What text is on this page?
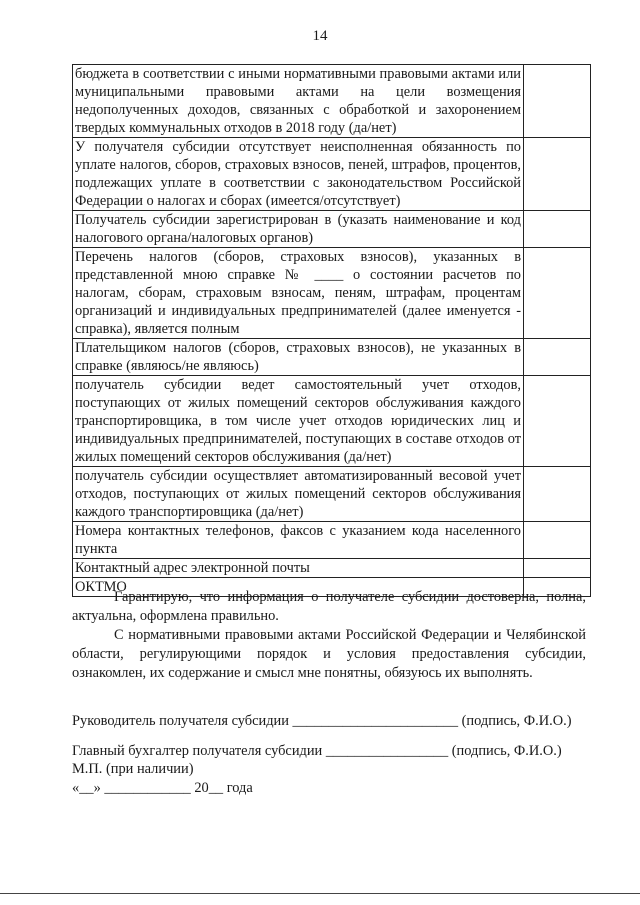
14
бюджета в соответствии с иными нормативными правовыми актами или муниципальными правовыми актами на цели возмещения недополученных доходов, связанных с обработкой и захоронением твердых коммунальных отходов в 2018 году (да/нет)	
У получателя субсидии отсутствует неисполненная обязанность по уплате налогов, сборов, страховых взносов, пеней, штрафов, процентов, подлежащих уплате в соответствии с законодательством Российской Федерации о налогах и сборах (имеется/отсутствует)	
Получатель субсидии зарегистрирован в (указать наименование и код налогового органа/налоговых органов)	
Перечень налогов (сборов, страховых взносов), указанных в представленной мною справке № ____ о состоянии расчетов по налогам, сборам, страховым взносам, пеням, штрафам, процентам организаций и индивидуальных предпринимателей (далее именуется - справка), является полным	
Плательщиком налогов (сборов, страховых взносов), не указанных в справке (являюсь/не являюсь)	
получатель субсидии ведет самостоятельный учет отходов, поступающих от жилых помещений секторов обслуживания каждого транспортировщика, в том числе учет отходов юридических лиц и индивидуальных предпринимателей, поступающих в составе отходов от жилых помещений секторов обслуживания (да/нет)	
получатель субсидии осуществляет автоматизированный весовой учет отходов, поступающих от жилых помещений секторов обслуживания каждого транспортировщика (да/нет)	
Номера контактных телефонов, факсов с указанием кода населенного пункта	
Контактный адрес электронной почты	
ОКТМО	
Гарантирую, что информация о получателе субсидии достоверна, полна, актуальна, оформлена правильно.
С нормативными правовыми актами Российской Федерации и Челябинской области, регулирующими порядок и условия предоставления субсидии, ознакомлен, их содержание и смысл мне понятны, обязуюсь их выполнять.
Руководитель получателя субсидии _______________________ (подпись, Ф.И.О.)
Главный бухгалтер получателя субсидии _________________ (подпись, Ф.И.О.)
М.П. (при наличии)
«__» ____________ 20__ года
